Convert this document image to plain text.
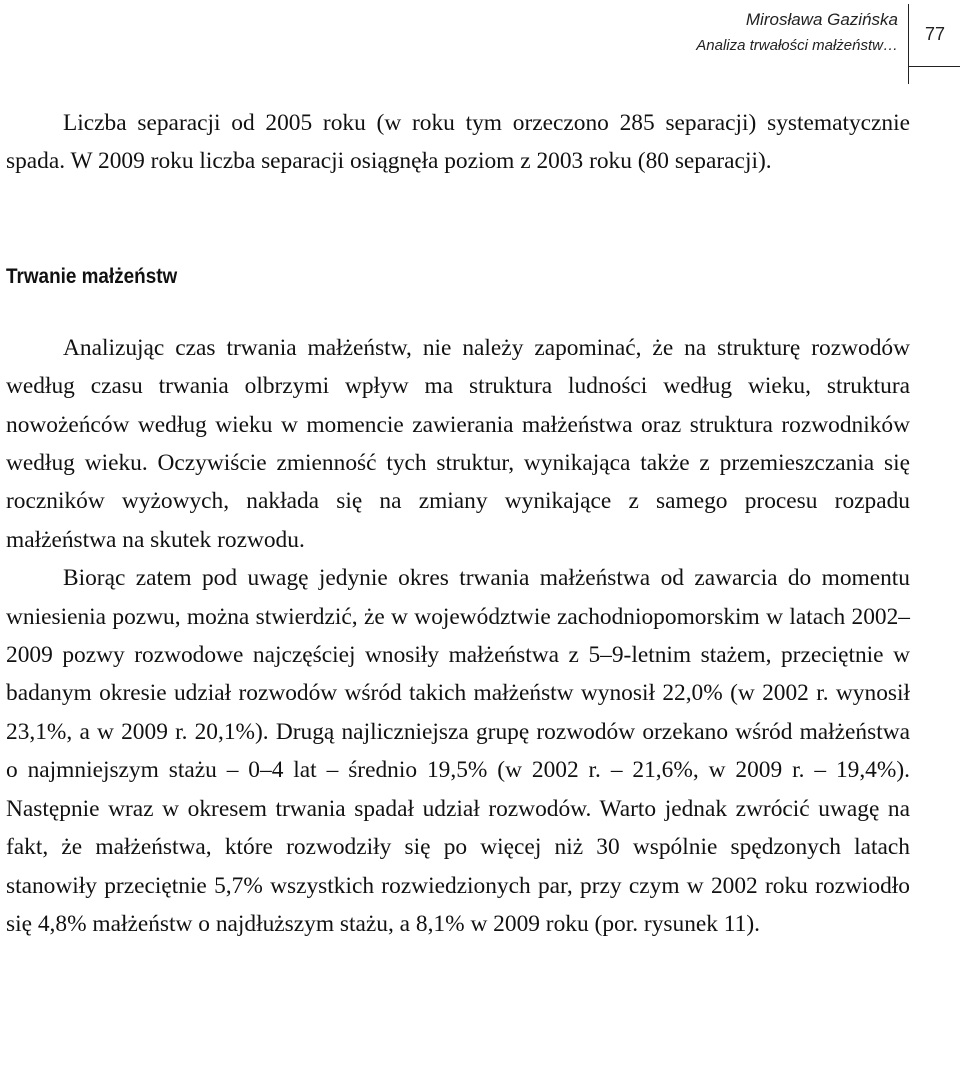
Mirosława Gazińska
Analiza trwałości małżeństw…
77

Liczba separacji od 2005 roku (w roku tym orzeczono 285 separacji) systematycznie spada. W 2009 roku liczba separacji osiągnęła poziom z 2003 roku (80 separacji).

Trwanie małżeństw

Analizując czas trwania małżeństw, nie należy zapominać, że na strukturę rozwodów według czasu trwania olbrzymi wpływ ma struktura ludności według wieku, struktura nowożeńców według wieku w momencie zawierania małżeństwa oraz struktura rozwodników według wieku. Oczywiście zmienność tych struktur, wynikająca także z przemieszczania się roczników wyżowych, nakłada się na zmiany wynikające z samego procesu rozpadu małżeństwa na skutek rozwodu.

Biorąc zatem pod uwagę jedynie okres trwania małżeństwa od zawarcia do momentu wniesienia pozwu, można stwierdzić, że w województwie zachodniopomorskim w latach 2002–2009 pozwy rozwodowe najczęściej wnosiły małżeństwa z 5–9-letnim stażem, przeciętnie w badanym okresie udział rozwodów wśród takich małżeństw wynosił 22,0% (w 2002 r. wynosił 23,1%, a w 2009 r. 20,1%). Drugą najliczniejsza grupę rozwodów orzekano wśród małżeństwa o najmniejszym stażu – 0–4 lat – średnio 19,5% (w 2002 r. – 21,6%, w 2009 r. – 19,4%). Następnie wraz w okresem trwania spadał udział rozwodów. Warto jednak zwrócić uwagę na fakt, że małżeństwa, które rozwodziły się po więcej niż 30 wspólnie spędzonych latach stanowiły przeciętnie 5,7% wszystkich rozwiedzionych par, przy czym w 2002 roku rozwiodło się 4,8% małżeństw o najdłuższym stażu, a 8,1% w 2009 roku (por. rysunek 11).
